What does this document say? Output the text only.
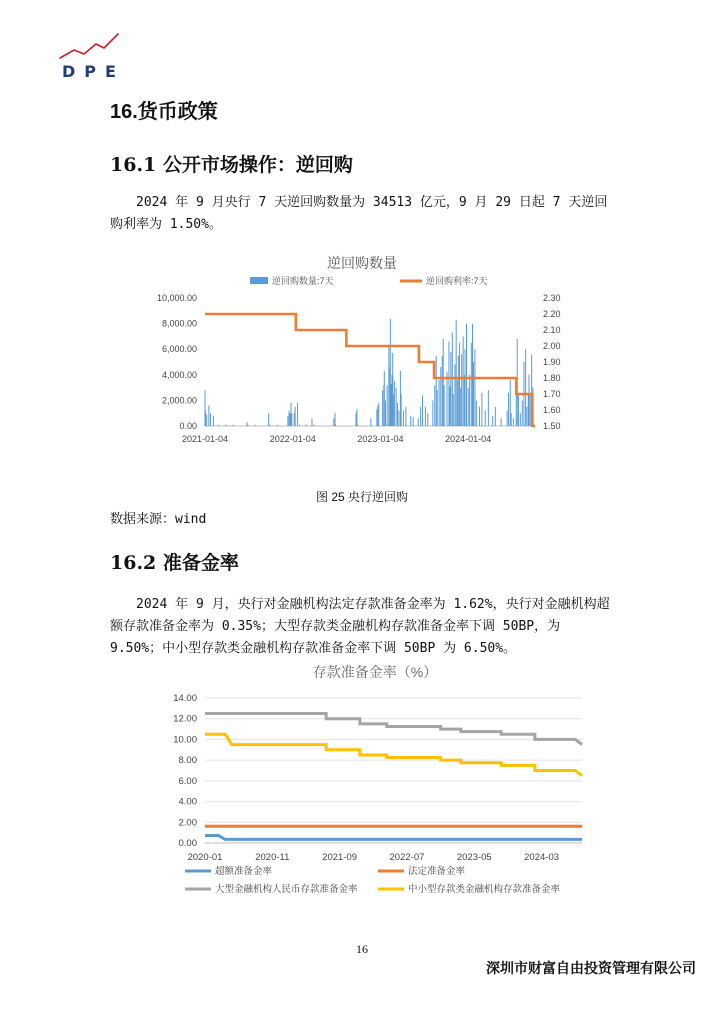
DPE
16.货币政策
16.1 公开市场操作：逆回购

2024 年 9 月央行 7 天逆回购数量为 34513 亿元，9 月 29 日起 7 天逆回购利率为 1.50%。

逆回购数量
逆回购数量:7天	逆回购利率:7天
0.00
2,000.00
4,000.00
6,000.00
8,000.00
10,000.00
1.50
1.60
1.70
1.80
1.90
2.00
2.10
2.20
2.30
2021-01-04	2022-01-04	2023-01-04	2024-01-04
图 25 央行逆回购
数据来源：wind
16.2 准备金率

2024 年 9 月，央行对金融机构法定存款准备金率为 1.62%，央行对金融机构超额存款准备金率为 0.35%；大型存款类金融机构存款准备金率下调 50BP，为 9.50%；中小型存款类金融机构存款准备金率下调 50BP 为 6.50%。

存款准备金率（%）
0.00
2.00
4.00
6.00
8.00
10.00
12.00
14.00
2020-01	2020-11	2021-09	2022-07	2023-05	2024-03
超额准备金率	法定准备金率
大型金融机构人民币存款准备金率	中小型存款类金融机构存款准备金率
16
深圳市财富自由投资管理有限公司
